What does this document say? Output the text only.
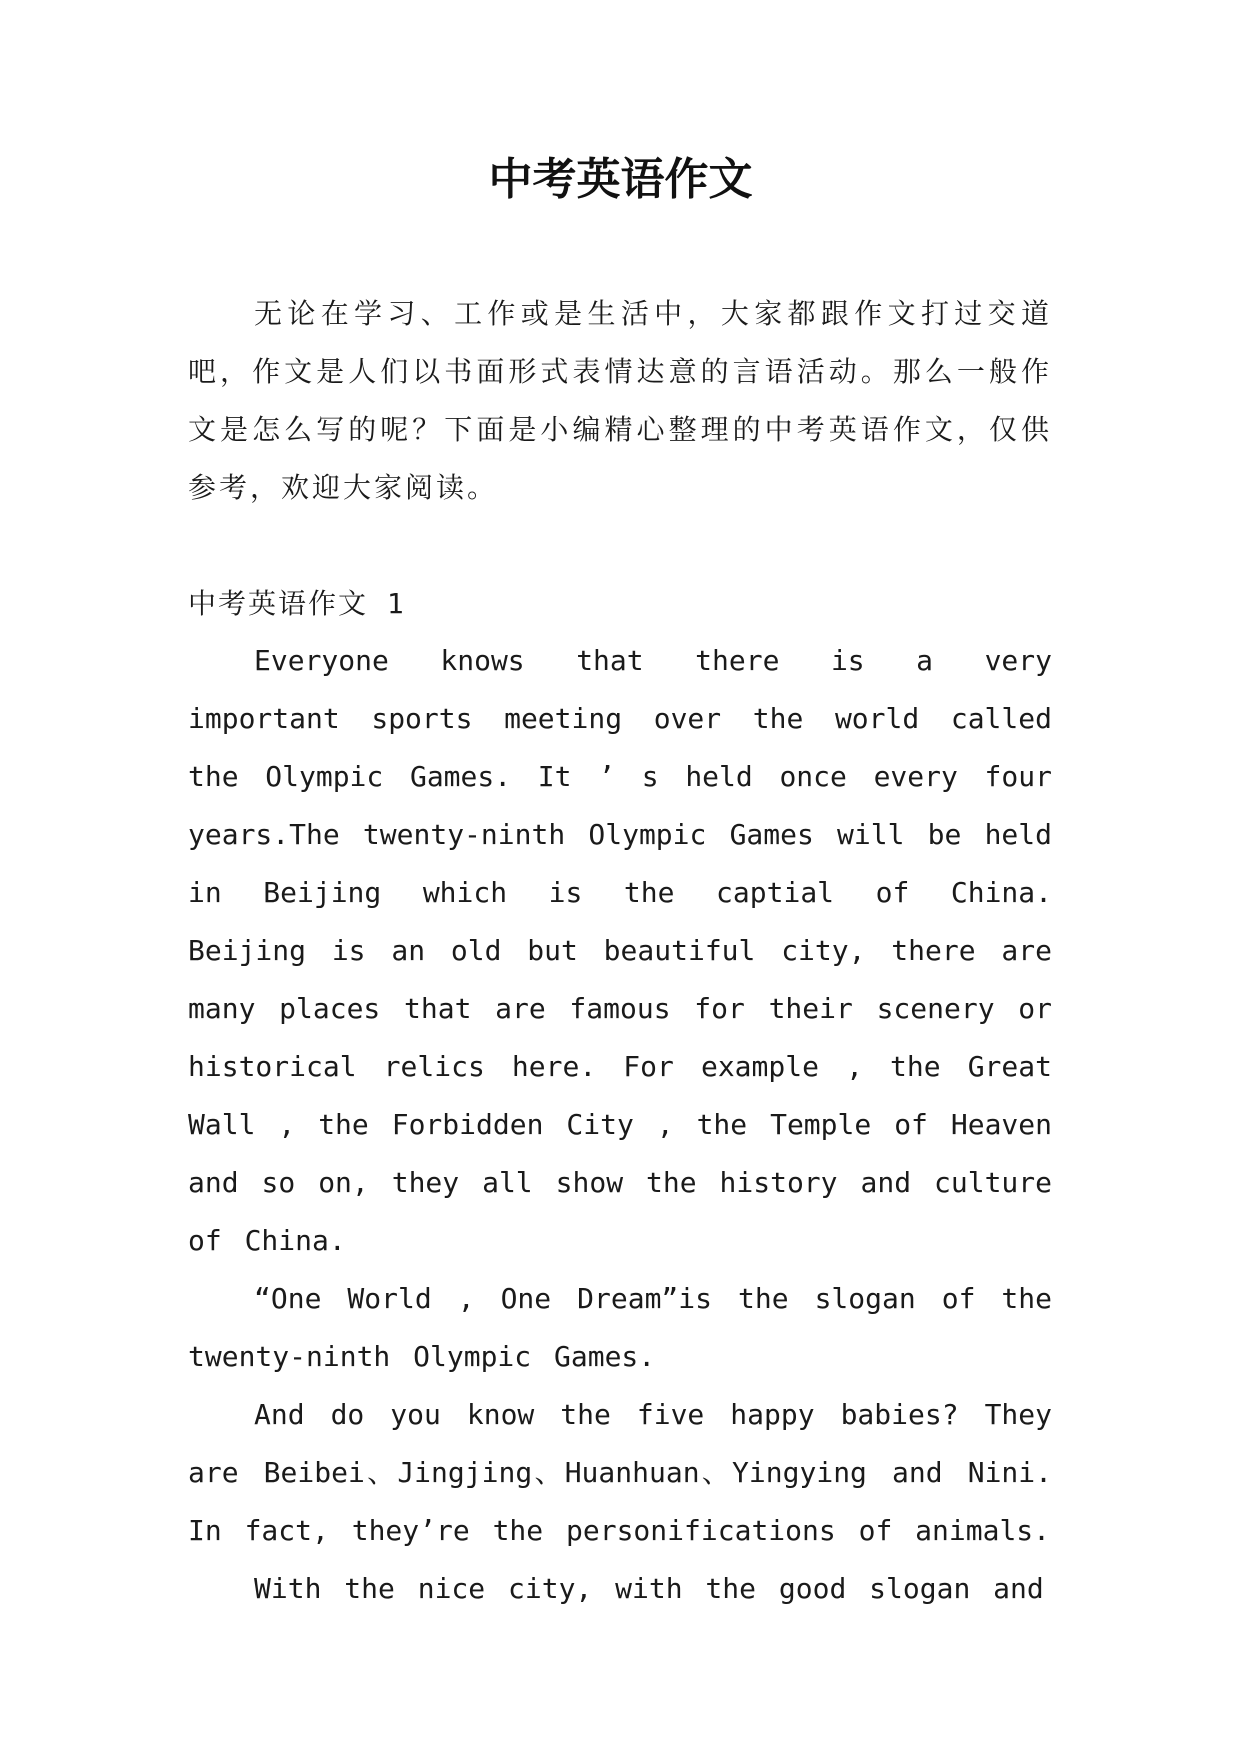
中考英语作文

无论在学习、工作或是生活中，大家都跟作文打过交道吧，作文是人们以书面形式表情达意的言语活动。那么一般作文是怎么写的呢？下面是小编精心整理的中考英语作文，仅供参考，欢迎大家阅读。

中考英语作文 1

Everyone knows that there is a very important sports meeting over the world called the Olympic Games. It ’ s held once every four years.The twenty-ninth Olympic Games will be held in Beijing which is the captial of China. Beijing is an old but beautiful city, there are many places that are famous for their scenery or historical relics here. For example , the Great Wall , the Forbidden City , the Temple of Heaven and so on, they all show the history and culture of China.

“One World , One Dream”is the slogan of the twenty-ninth Olympic Games.

And do you know the five happy babies? They are Beibei、Jingjing、Huanhuan、Yingying and Nini. In fact, they’re the personifications of animals.

With the nice city, with the good slogan and
